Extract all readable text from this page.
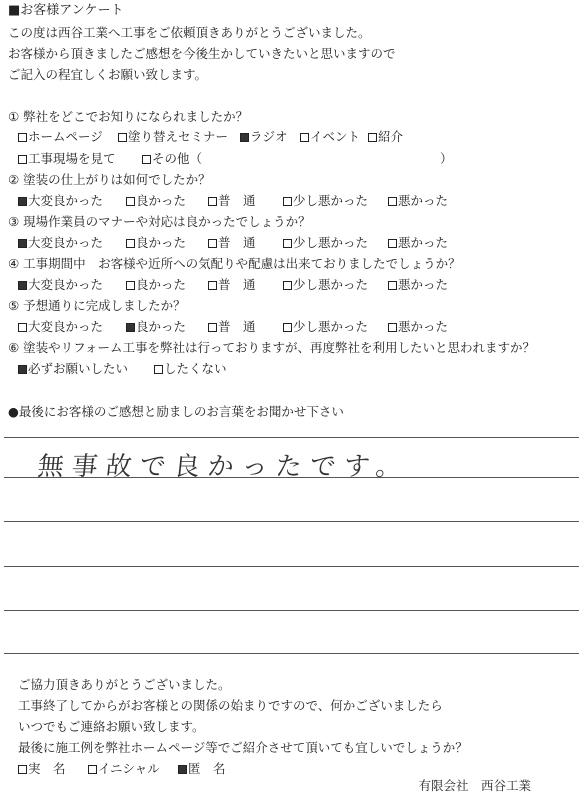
■お客様アンケート
この度は西谷工業へ工事をご依頼頂きありがとうございました。
お客様から頂きましたご感想を今後生かしていきたいと思いますので
ご記入の程宜しくお願い致します。
① 弊社をどこでお知りになられましたか？
ホームページ	塗り替えセミナー	ラジオ	イベント	紹介
工事現場を見て	その他（	）
② 塗装の仕上がりは如何でしたか？
大変良かった	良かった	普　通	少し悪かった	悪かった
③ 現場作業員のマナーや対応は良かったでしょうか？
大変良かった	良かった	普　通	少し悪かった	悪かった
④ 工事期間中　お客様や近所への気配りや配慮は出来ておりましたでしょうか？
大変良かった	良かった	普　通	少し悪かった	悪かった
⑤ 予想通りに完成しましたか？
大変良かった	良かった	普　通	少し悪かった	悪かった
⑥ 塗装やリフォーム工事を弊社は行っておりますが、再度弊社を利用したいと思われますか？
必ずお願いしたい	したくない
●最後にお客様のご感想と励ましのお言葉をお聞かせ下さい
無事故で良かったです。
ご協力頂きありがとうございました。
工事終了してからがお客様との関係の始まりですので、何かございましたら
いつでもご連絡お願い致します。
最後に施工例を弊社ホームページ等でご紹介させて頂いても宜しいでしょうか？
実　名	イニシャル	匿　名
有限会社　西谷工業
